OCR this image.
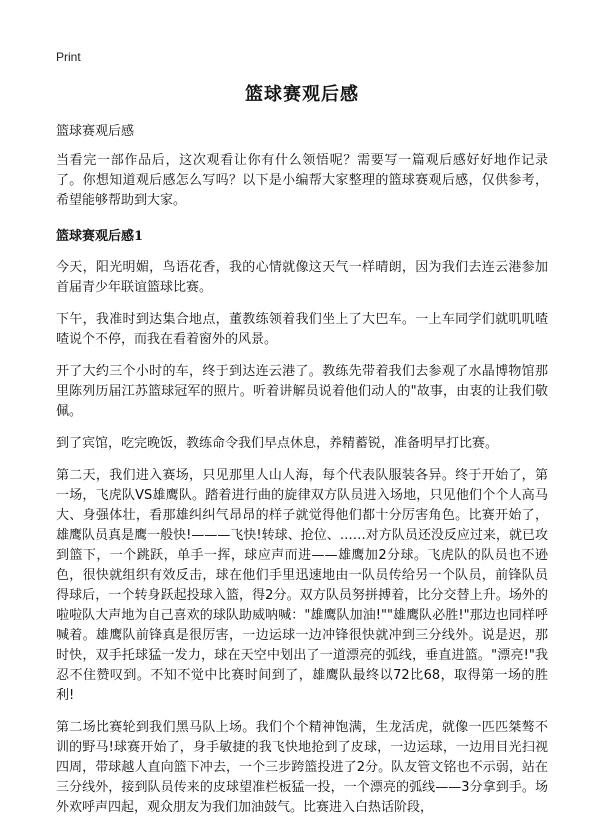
Print
篮球赛观后感
篮球赛观后感

当看完一部作品后，这次观看让你有什么领悟呢？需要写一篇观后感好好地作记录了。你想知道观后感怎么写吗？以下是小编帮大家整理的篮球赛观后感，仅供参考，希望能够帮助到大家。

篮球赛观后感1

今天，阳光明媚，鸟语花香，我的心情就像这天气一样晴朗，因为我们去连云港参加首届青少年联谊篮球比赛。

下午，我准时到达集合地点，董教练领着我们坐上了大巴车。一上车同学们就叽叽喳喳说个不停，而我在看着窗外的风景。

开了大约三个小时的车，终于到达连云港了。教练先带着我们去参观了水晶博物馆那里陈列历届江苏篮球冠军的照片。听着讲解员说着他们动人的"故事，由衷的让我们敬佩。

到了宾馆，吃完晚饭，教练命令我们早点休息，养精蓄锐，准备明早打比赛。

第二天，我们进入赛场，只见那里人山人海，每个代表队服装各异。终于开始了，第一场，飞虎队VS雄鹰队。踏着进行曲的旋律双方队员进入场地，只见他们个个人高马大、身强体壮，看那雄纠纠气昂昂的样子就觉得他们都十分厉害角色。比赛开始了，雄鹰队员真是鹰一般快!———飞快!转球、抢位、……对方队员还没反应过来，就已攻到篮下，一个跳跃，单手一挥，球应声而进——雄鹰加2分球。飞虎队的队员也不逊色，很快就组织有效反击，球在他们手里迅速地由一队员传给另一个队员，前锋队员得球后，一个转身跃起投球入篮，得2分。双方队员努拼搏着，比分交替上升。场外的啦啦队大声地为自己喜欢的球队助威呐喊："雄鹰队加油!""雄鹰队必胜!"那边也同样呼喊着。雄鹰队前锋真是很厉害，一边运球一边冲锋很快就冲到三分线外。说是迟，那时快，双手托球猛一发力，球在天空中划出了一道漂亮的弧线，垂直进篮。"漂亮!"我忍不住赞叹到。不知不觉中比赛时间到了，雄鹰队最终以72比68，取得第一场的胜利!

第二场比赛轮到我们黑马队上场。我们个个精神饱满，生龙活虎，就像一匹匹桀骜不训的野马!球赛开始了，身手敏捷的我飞快地抢到了皮球，一边运球，一边用目光扫视四周，带球越人直向篮下冲去，一个三步跨篮投进了2分。队友管文铭也不示弱，站在三分线外，接到队员传来的皮球望准栏板猛一投，一个漂亮的弧线——3分拿到手。场外欢呼声四起，观众朋友为我们加油鼓气。比赛进入白热话阶段，
